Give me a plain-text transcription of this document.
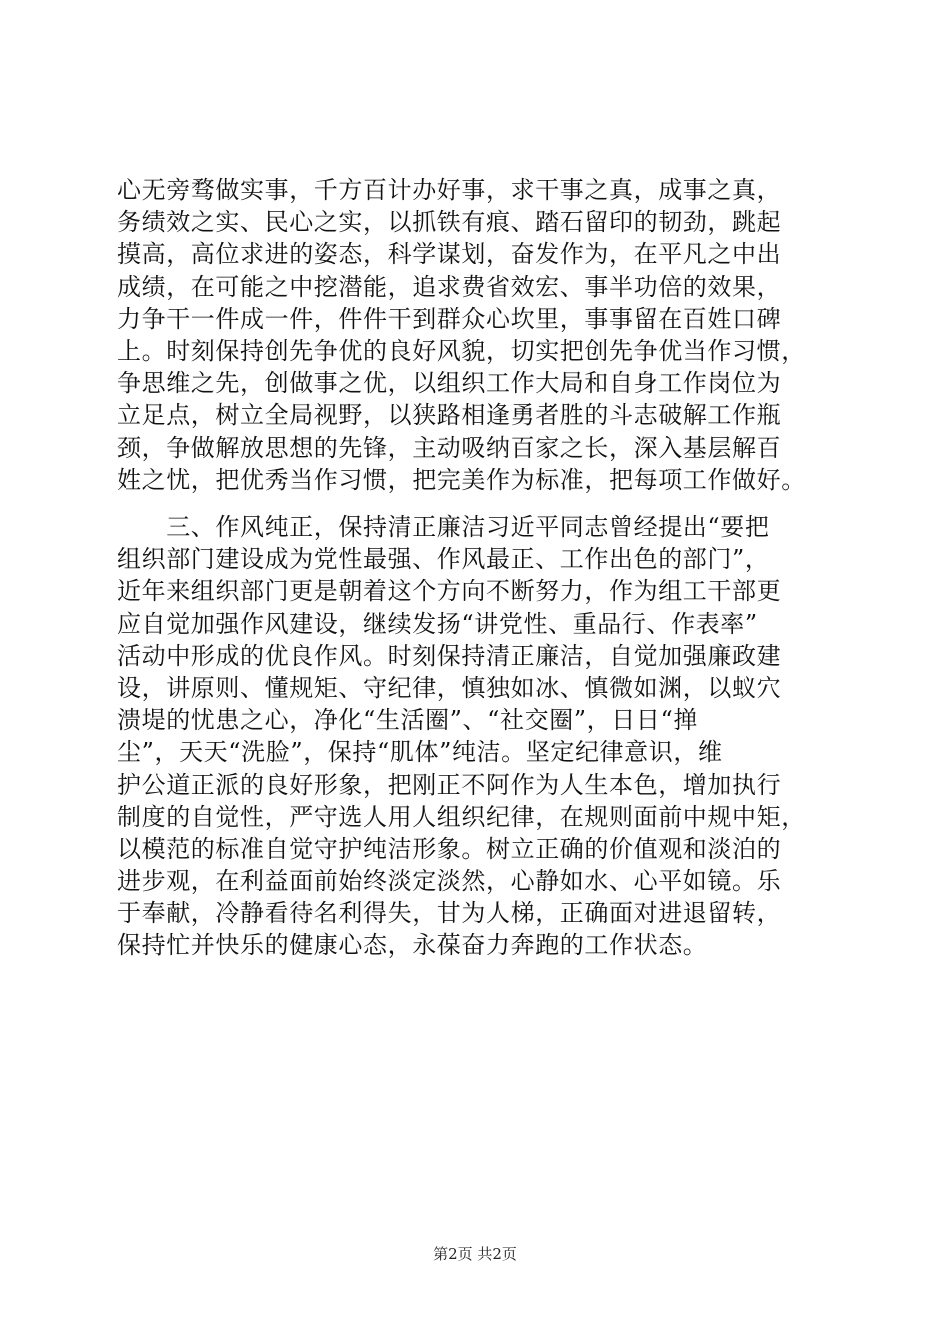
心无旁骛做实事，千方百计办好事，求干事之真，成事之真，
务绩效之实、民心之实，以抓铁有痕、踏石留印的韧劲，跳起
摸高，高位求进的姿态，科学谋划，奋发作为，在平凡之中出
成绩，在可能之中挖潜能，追求费省效宏、事半功倍的效果，
力争干一件成一件，件件干到群众心坎里，事事留在百姓口碑
上。时刻保持创先争优的良好风貌，切实把创先争优当作习惯，
争思维之先，创做事之优，以组织工作大局和自身工作岗位为
立足点，树立全局视野，以狭路相逢勇者胜的斗志破解工作瓶
颈，争做解放思想的先锋，主动吸纳百家之长，深入基层解百
姓之忧，把优秀当作习惯，把完美作为标准，把每项工作做好。
　　三、作风纯正，保持清正廉洁习近平同志曾经提出“要把
组织部门建设成为党性最强、作风最正、工作出色的部门”，
近年来组织部门更是朝着这个方向不断努力，作为组工干部更
应自觉加强作风建设，继续发扬“讲党性、重品行、作表率”
活动中形成的优良作风。时刻保持清正廉洁，自觉加强廉政建
设，讲原则、懂规矩、守纪律，慎独如冰、慎微如渊，以蚁穴
溃堤的忧患之心，净化“生活圈”、“社交圈”，日日“掸
尘”，天天“洗脸”，保持“肌体”纯洁。坚定纪律意识，维
护公道正派的良好形象，把刚正不阿作为人生本色，增加执行
制度的自觉性，严守选人用人组织纪律，在规则面前中规中矩，
以模范的标准自觉守护纯洁形象。树立正确的价值观和淡泊的
进步观，在利益面前始终淡定淡然，心静如水、心平如镜。乐
于奉献，冷静看待名利得失，甘为人梯，正确面对进退留转，
保持忙并快乐的健康心态，永葆奋力奔跑的工作状态。
第2页 共2页
